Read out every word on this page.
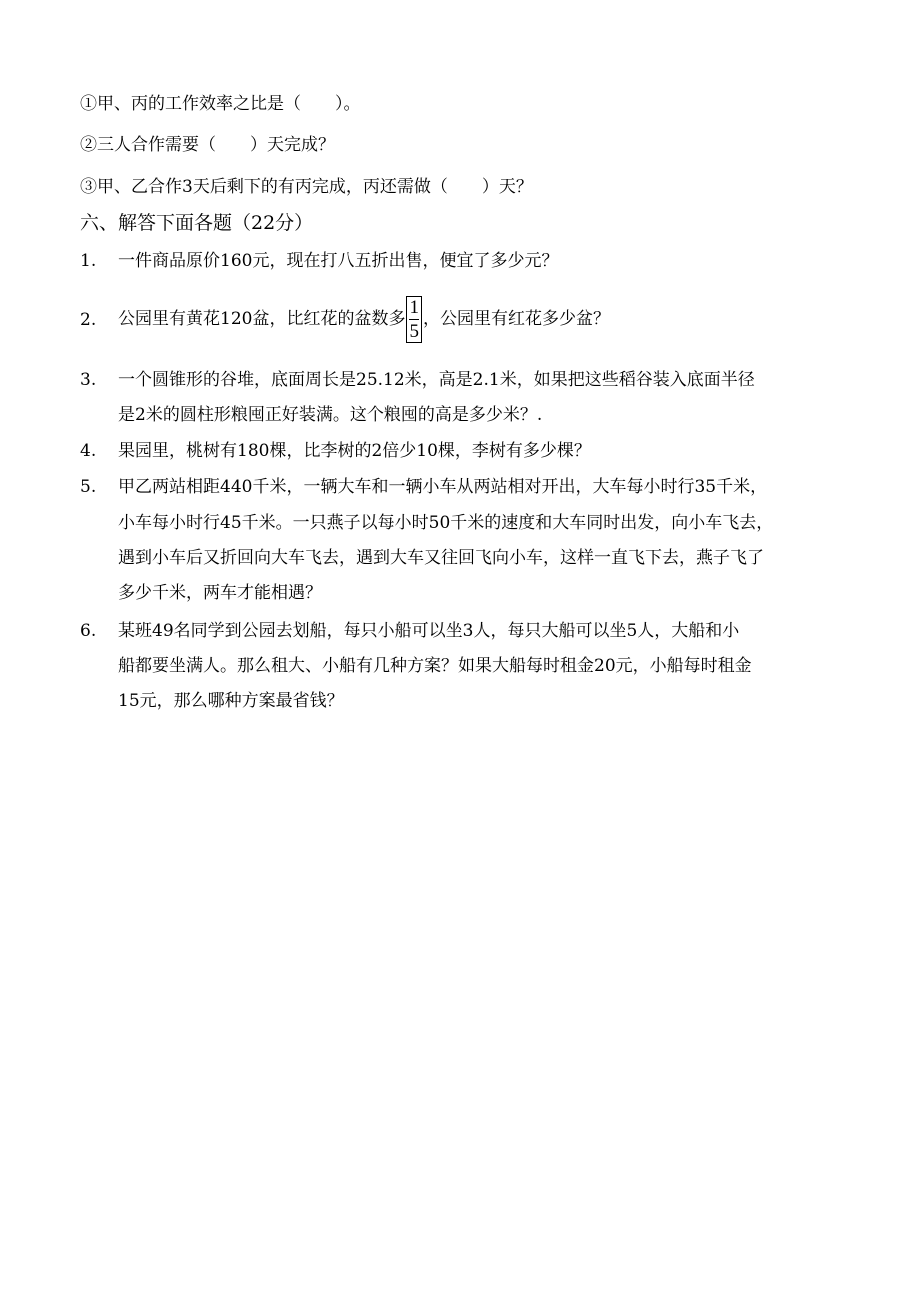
①甲、丙的工作效率之比是（　　）。
②三人合作需要（　　）天完成？
③甲、乙合作3天后剩下的有丙完成，丙还需做（　　）天？
六、解答下面各题（22分）
1. 一件商品原价160元，现在打八五折出售，便宜了多少元？
2. 公园里有黄花120盆，比红花的盆数多 $\frac{1}{5}$ ，公园里有红花多少盆？
3. 一个圆锥形的谷堆，底面周长是25.12米，高是2.1米，如果把这些稻谷装入底面半径
是2米的圆柱形粮囤正好装满。这个粮囤的高是多少米？.
4. 果园里，桃树有180棵，比李树的2倍少10棵，李树有多少棵？
5. 甲乙两站相距440千米，一辆大车和一辆小车从两站相对开出，大车每小时行35千米，
小车每小时行45千米。一只燕子以每小时50千米的速度和大车同时出发，向小车飞去，
遇到小车后又折回向大车飞去，遇到大车又往回飞向小车，这样一直飞下去，燕子飞了
多少千米，两车才能相遇？
6. 某班49名同学到公园去划船，每只小船可以坐3人，每只大船可以坐5人，大船和小
船都要坐满人。那么租大、小船有几种方案？如果大船每时租金20元，小船每时租金
15元，那么哪种方案最省钱？
